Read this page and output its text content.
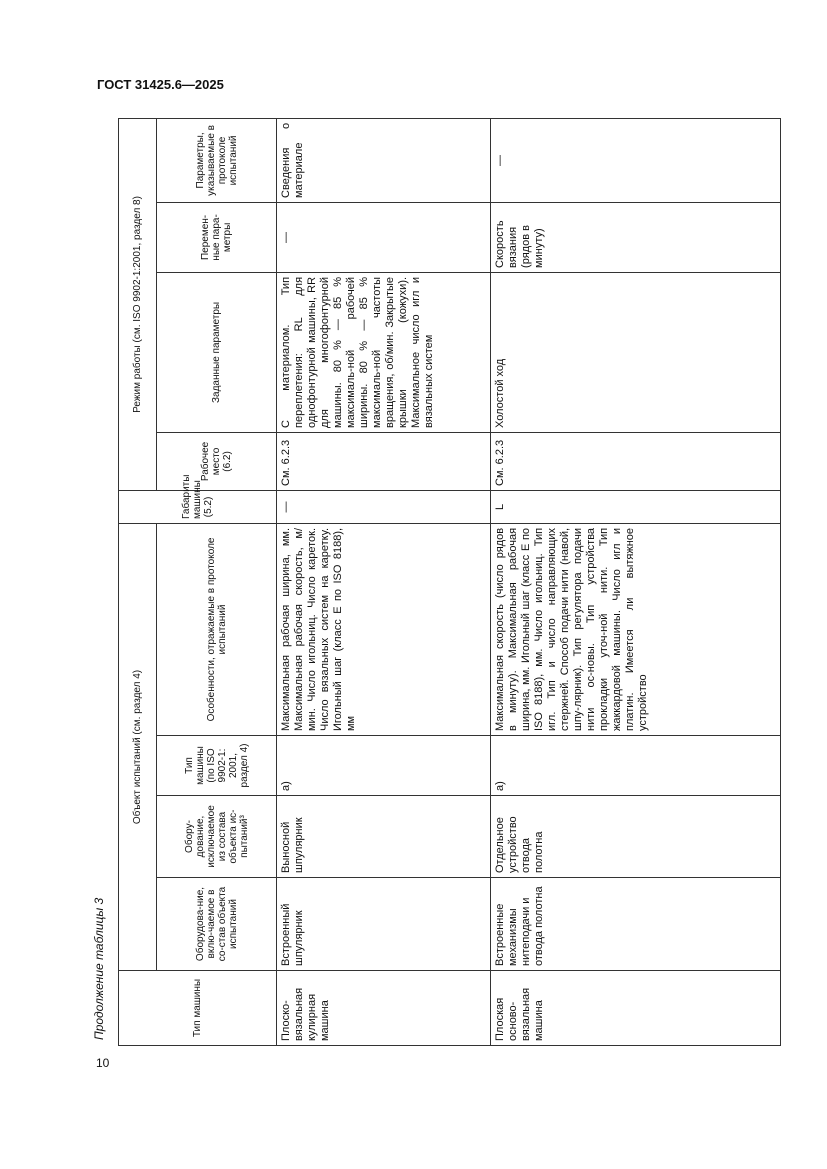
ГОСТ 31425.6—2025
Продолжение таблицы 3
10
Тип машины	Объект испытаний (см. раздел 4)				Габариты машины (5.2)	Режим работы (см. ISO 9902-1:2001, раздел 8)			
	Оборудова-ние, вклю-чаемое в со-став объекта испытаний	Обору-дование, исключаемое из состава объекта ис-пытаний³	Тип машины (по ISO 9902-1: 2001, раздел 4)	Особенности, отражаемые в протоколе испытаний		Рабочее место (6.2)	Заданные параметры	Перемен-ные пара-метры	Параметры, указываемые в протоколе испытаний
Плоско-вязальная кулирная машина	Встроенный шпулярник	Выносной шпулярник	a)	Максимальная рабочая ширина, мм. Максимальная рабочая скорость, м/мин. Число игольниц. Число кареток. Число вязальных систем на каретку. Игольный шаг (класс E по ISO 8188), мм	—	См. 6.2.3	С материалом. Тип переплетения: RL для однофонтурной машины, RR для многофонтурной машины. 80 % — 85 % максималь-ной рабочей ширины. 80 % — 85 % максималь-ной частоты вращения, об/мин. Закрытые крышки (кожухи). Максимальное число игл и вязальных систем	—	Сведения о материале
Плоская осново-вязальная машина	Встроенные механизмы нитеподачи и отвода полотна	Отдельное устройство отвода полотна	a)	Максимальная скорость (число рядов в минуту). Максимальная рабочая ширина, мм. Игольный шаг (класс E по ISO 8188), мм. Число игольниц. Тип игл. Тип и число направляющих стержней. Способ подачи нити (навой, шпу-лярник). Тип регулятора подачи нити ос-новы. Тип устройства прокладки уточ-ной нити. Тип жаккардовой машины. Число игл и платин. Имеется ли вытяжное устройство	L	См. 6.2.3	Холостой ход	Скорость вязания (рядов в минуту)	—
